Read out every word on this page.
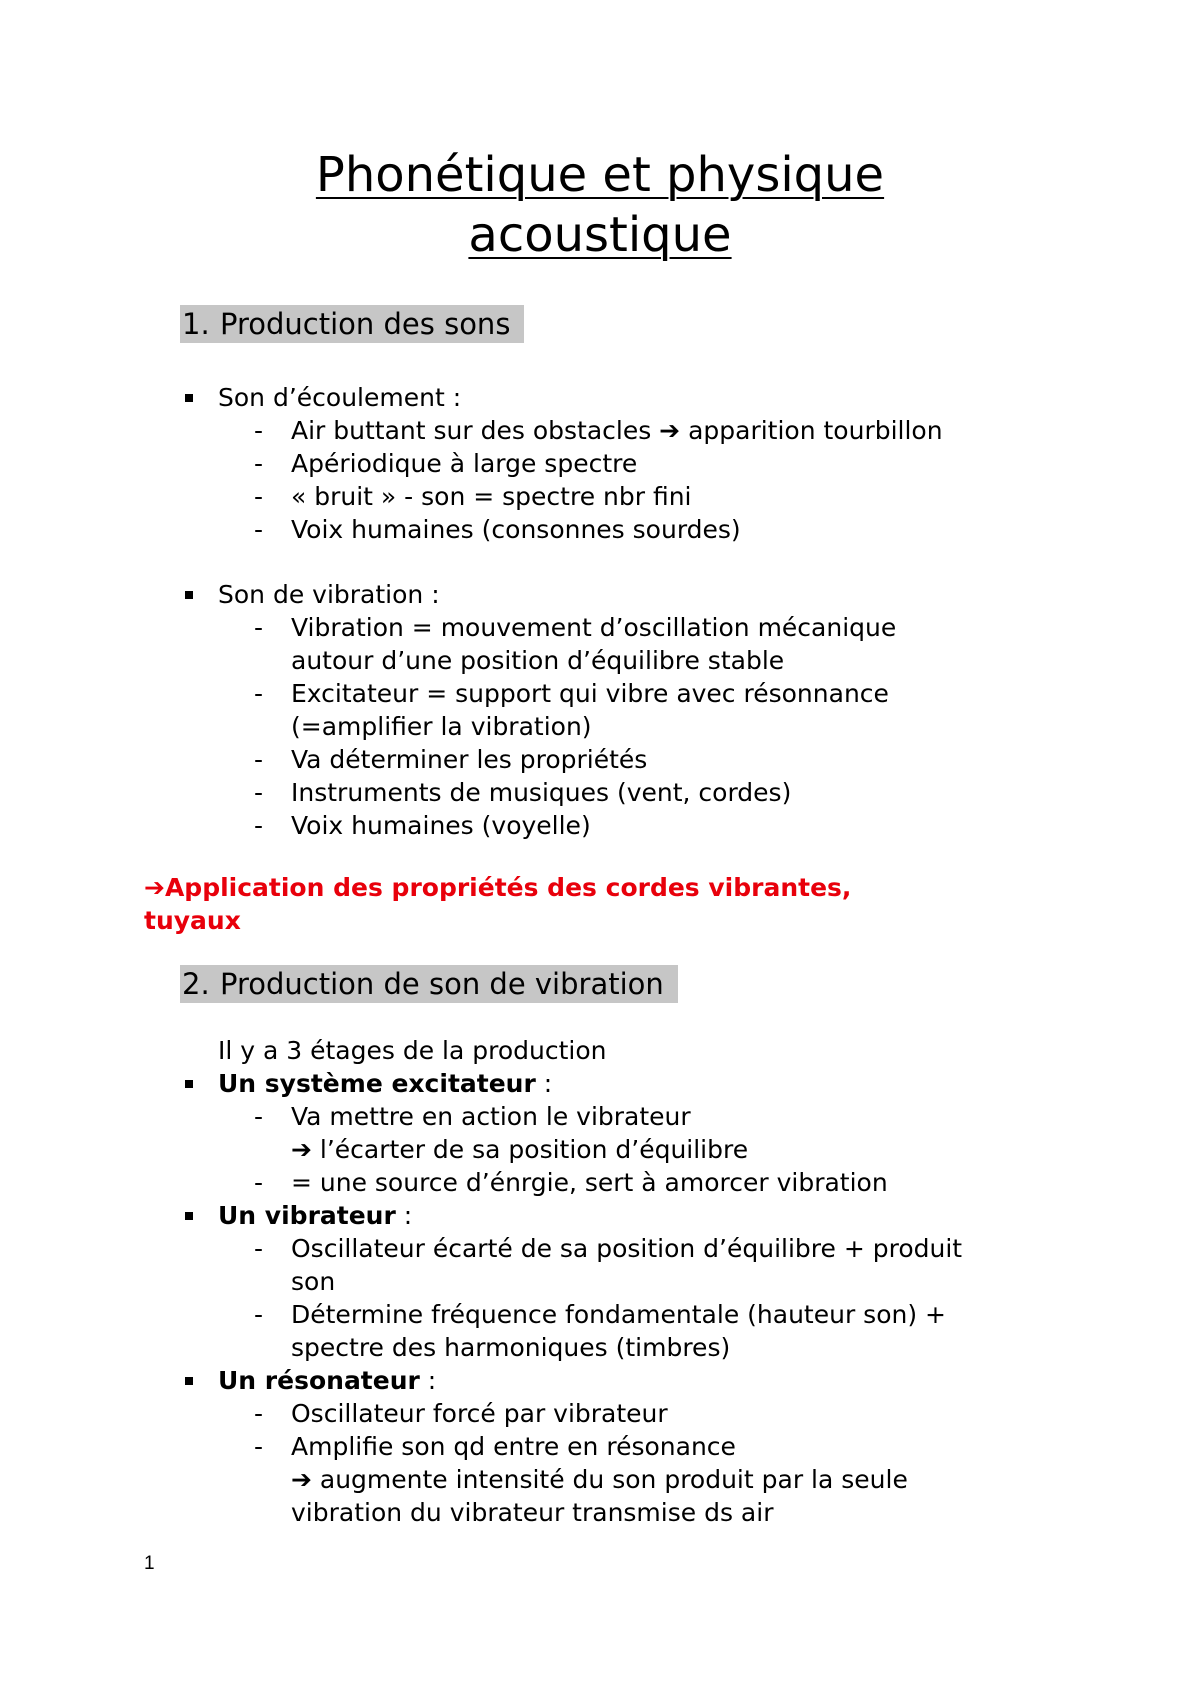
Phonétique et physique
acoustique
1. Production des sons
Son d’écoulement :
- Air buttant sur des obstacles ➔ apparition tourbillon
- Apériodique à large spectre
- « bruit » - son = spectre nbr fini
- Voix humaines (consonnes sourdes)
Son de vibration :
- Vibration = mouvement d’oscillation mécanique
autour d’une position d’équilibre stable
- Excitateur = support qui vibre avec résonnance
(=amplifier la vibration)
- Va déterminer les propriétés
- Instruments de musiques (vent, cordes)
- Voix humaines (voyelle)
➔Application des propriétés des cordes vibrantes,
tuyaux
2. Production de son de vibration
Il y a 3 étages de la production
Un système excitateur :
- Va mettre en action le vibrateur
➔ l’écarter de sa position d’équilibre
- = une source d’énrgie, sert à amorcer vibration
Un vibrateur :
- Oscillateur écarté de sa position d’équilibre + produit
son
- Détermine fréquence fondamentale (hauteur son) +
spectre des harmoniques (timbres)
Un résonateur :
- Oscillateur forcé par vibrateur
- Amplifie son qd entre en résonance
➔ augmente intensité du son produit par la seule
vibration du vibrateur transmise ds air
1
